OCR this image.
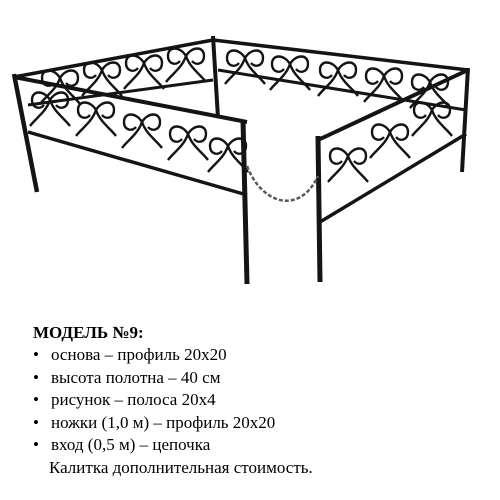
МОДЕЛЬ №9:
• основа – профиль 20х20
• высота полотна – 40 см
• рисунок – полоса 20х4
• ножки (1,0 м) – профиль 20х20
• вход (0,5 м) – цепочка
Калитка дополнительная стоимость.
